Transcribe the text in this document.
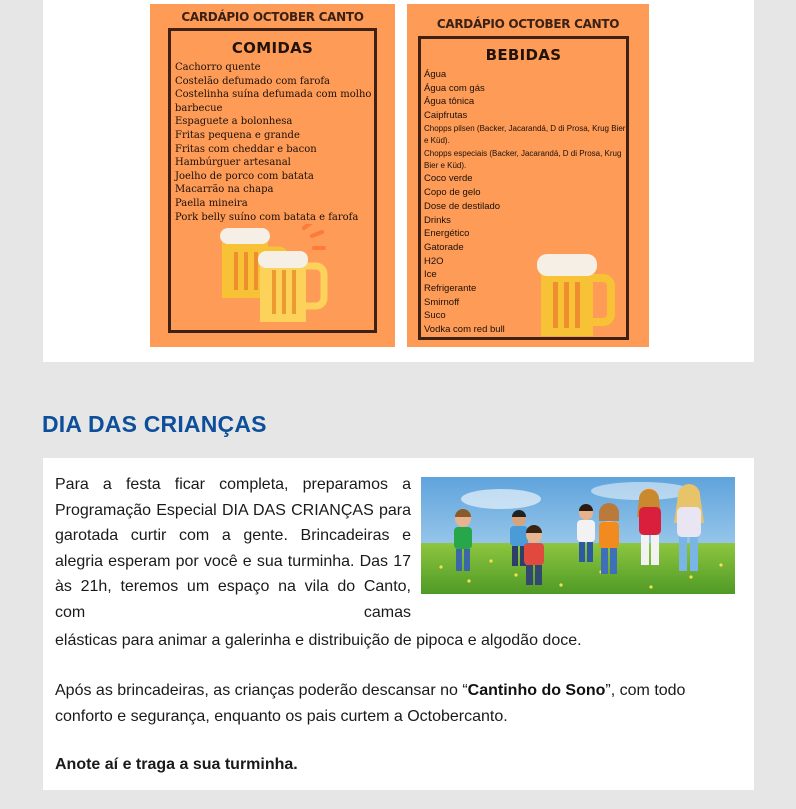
CARDÁPIO OCTOBER CANTO
COMIDAS
Cachorro quente
Costelão defumado com farofa
Costelinha suína defumada com molho barbecue
Espaguete a bolonhesa
Fritas pequena e grande
Fritas com cheddar e bacon
Hambúrguer artesanal
Joelho de porco com batata
Macarrão na chapa
Paella mineira
Pork belly suíno com batata e farofa
CARDÁPIO OCTOBER CANTO
BEBIDAS
Água
Água com gás
Água tônica
Caipfrutas
Chopps pilsen (Backer, Jacarandá, D di Prosa, Krug Bier e Küd).
Chopps especiais (Backer, Jacarandá, D di Prosa, Krug Bier e Küd).
Coco verde
Copo de gelo
Dose de destilado
Drinks
Energético
Gatorade
H2O
Ice
Refrigerante
Smirnoff
Suco
Vodka com red bull
DIA DAS CRIANÇAS

Para a festa ficar completa, preparamos a Programação Especial DIA DAS CRIANÇAS para garotada curtir com a gente. Brincadeiras e alegria esperam por você e sua turminha. Das 17 às 21h, teremos um espaço na vila do Canto, com camas

elásticas para animar a galerinha e distribuição de pipoca e algodão doce.

Após as brincadeiras, as crianças poderão descansar no “Cantinho do Sono”, com todo conforto e segurança, enquanto os pais curtem a Octobercanto.

Anote aí e traga a sua turminha.
